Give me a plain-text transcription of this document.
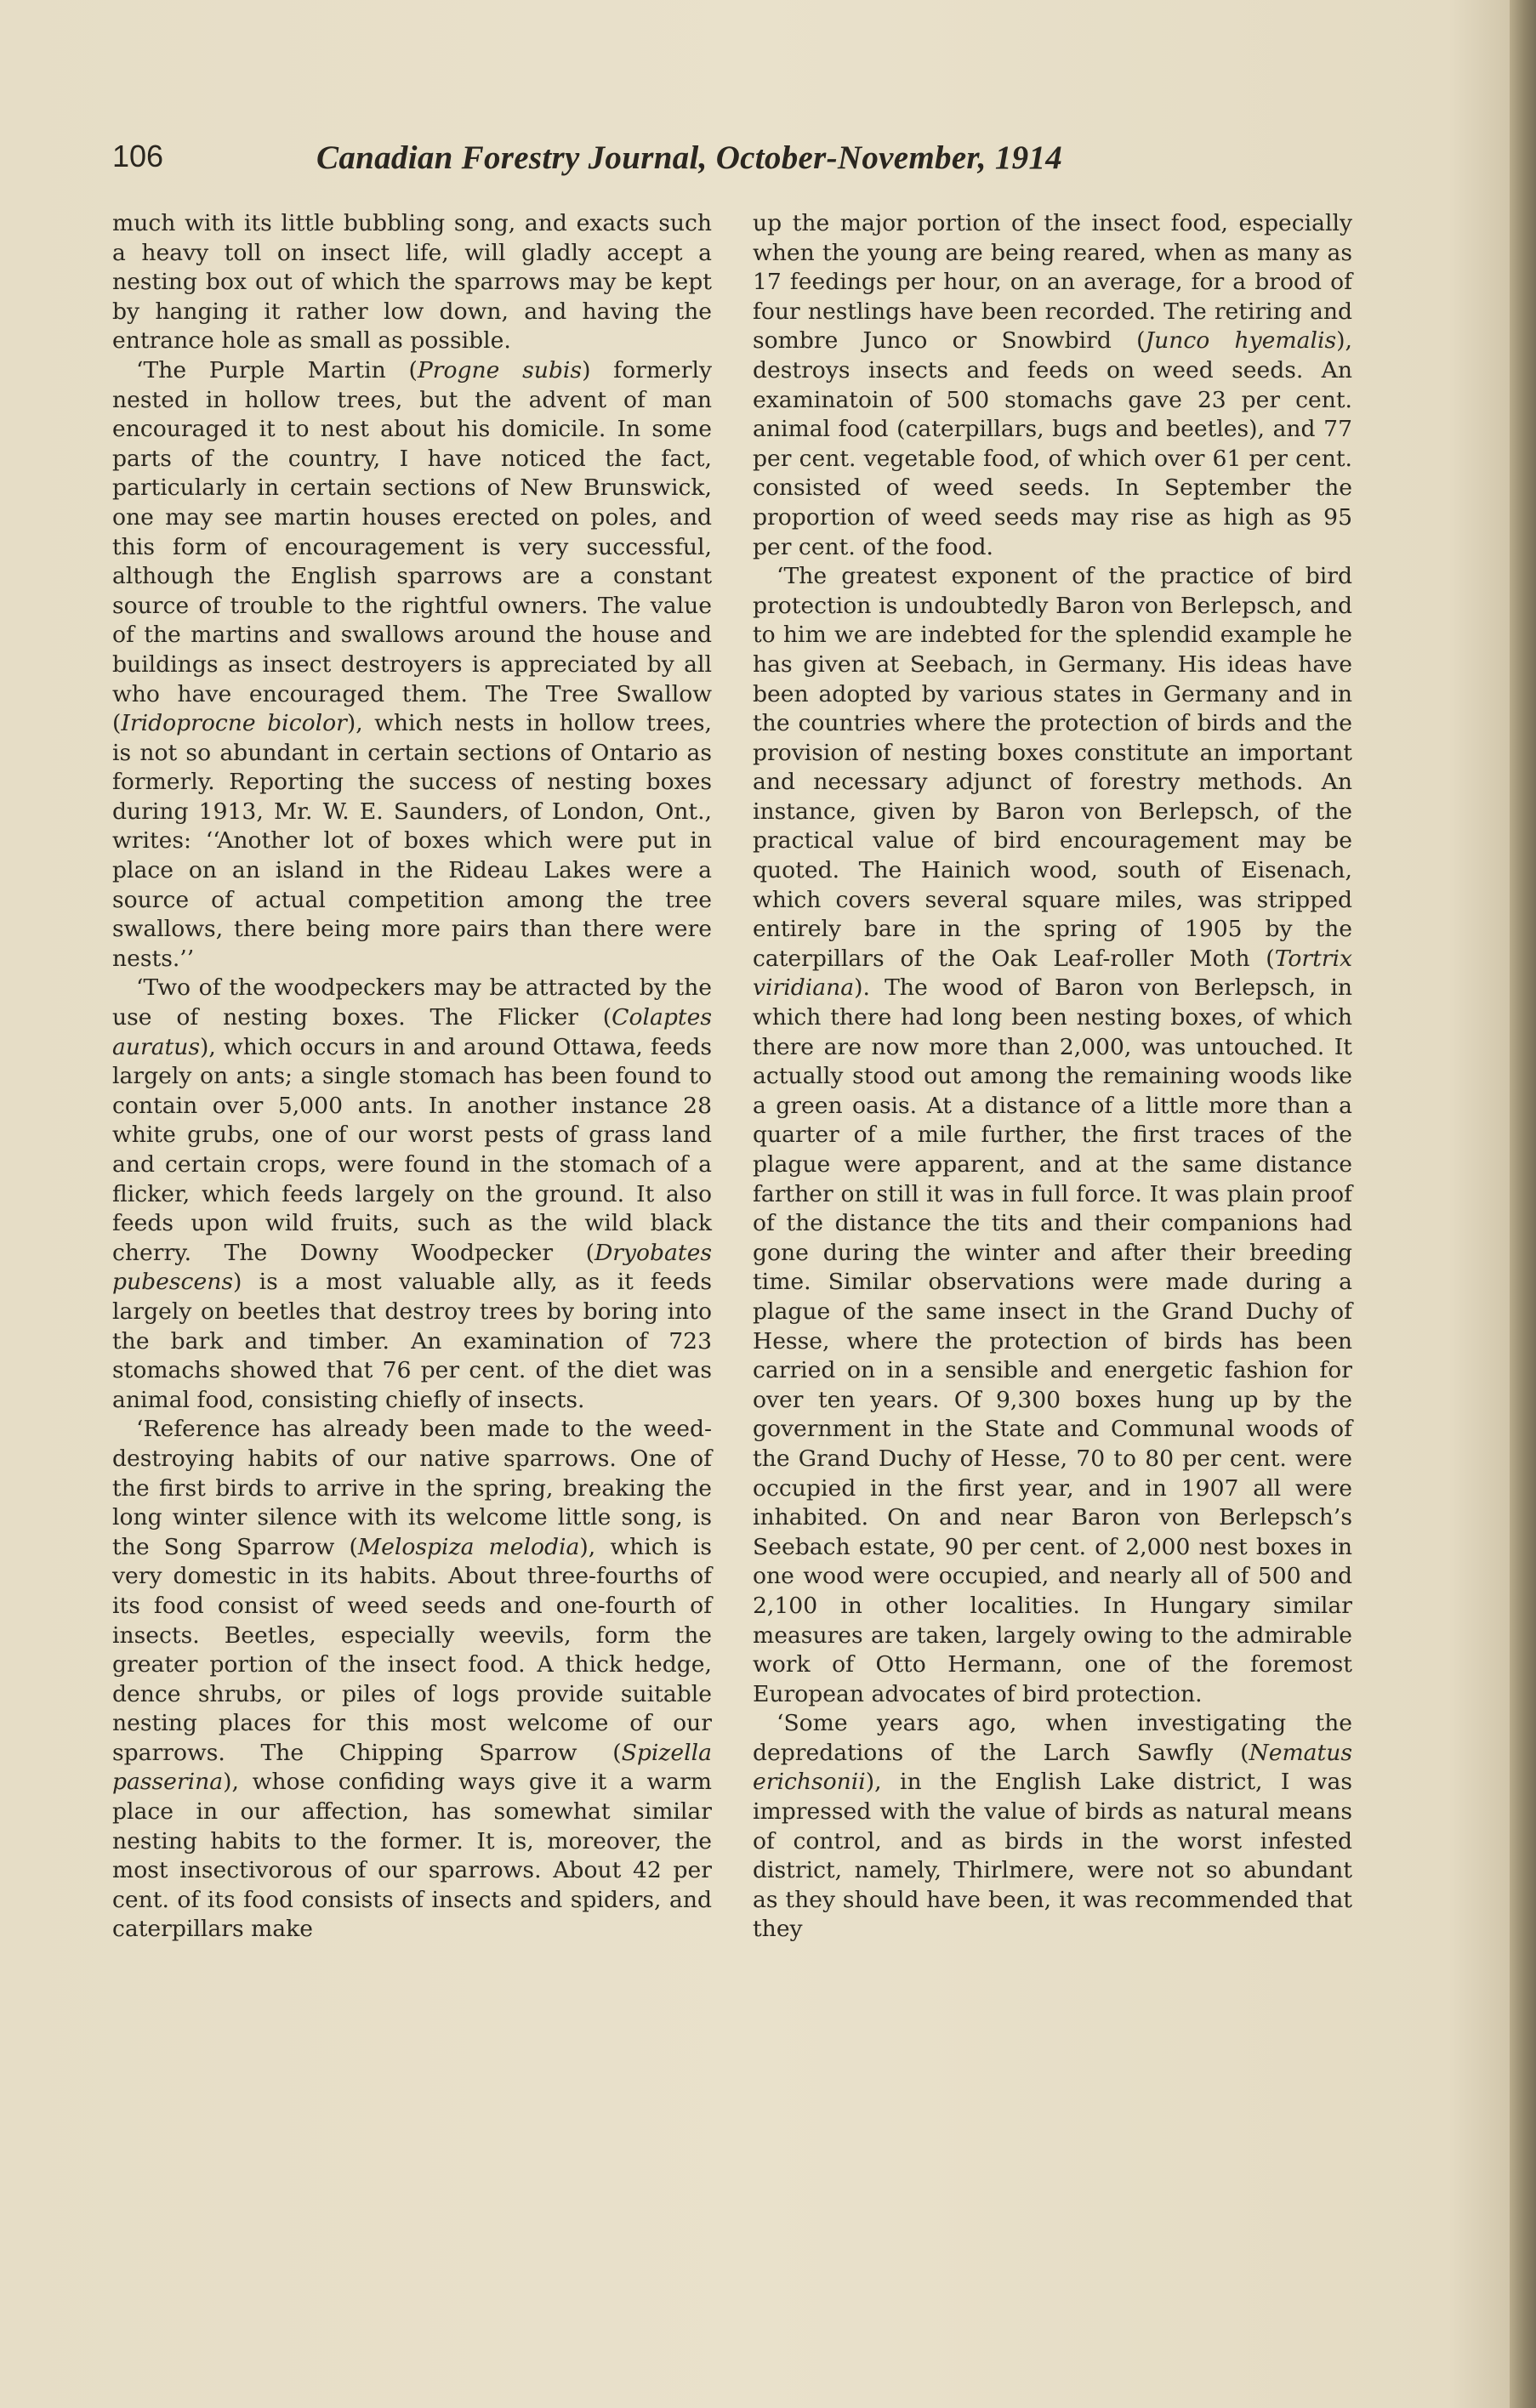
106	Canadian Forestry Journal, October-November, 1914

much with its little bubbling song, and exacts such a heavy toll on insect life, will gladly accept a nesting box out of which the sparrows may be kept by hanging it rather low down, and having the entrance hole as small as possible.

‘The Purple Martin (Progne subis) formerly nested in hollow trees, but the advent of man encouraged it to nest about his domicile. In some parts of the country, I have noticed the fact, particularly in certain sections of New Brunswick, one may see martin houses erected on poles, and this form of encouragement is very successful, although the English sparrows are a constant source of trouble to the rightful owners. The value of the martins and swallows around the house and buildings as insect destroyers is appreciated by all who have encouraged them. The Tree Swallow (Iridoprocne bicolor), which nests in hollow trees, is not so abundant in certain sections of Ontario as formerly. Reporting the success of nesting boxes during 1913, Mr. W. E. Saunders, of London, Ont., writes: ‘‘Another lot of boxes which were put in place on an island in the Rideau Lakes were a source of actual competition among the tree swallows, there being more pairs than there were nests.’’

‘Two of the woodpeckers may be attracted by the use of nesting boxes. The Flicker (Colaptes auratus), which occurs in and around Ottawa, feeds largely on ants; a single stomach has been found to contain over 5,000 ants. In another instance 28 white grubs, one of our worst pests of grass land and certain crops, were found in the stomach of a flicker, which feeds largely on the ground. It also feeds upon wild fruits, such as the wild black cherry. The Downy Woodpecker (Dryobates pubescens) is a most valuable ally, as it feeds largely on beetles that destroy trees by boring into the bark and timber. An examination of 723 stomachs showed that 76 per cent. of the diet was animal food, consisting chiefly of insects.

‘Reference has already been made to the weed-destroying habits of our native sparrows. One of the first birds to arrive in the spring, breaking the long winter silence with its welcome little song, is the Song Sparrow (Melospiza melodia), which is very domestic in its habits. About three-fourths of its food consist of weed seeds and one-fourth of insects. Beetles, especially weevils, form the greater portion of the insect food. A thick hedge, dence shrubs, or piles of logs provide suitable nesting places for this most welcome of our sparrows. The Chipping Sparrow (Spizella passerina), whose confiding ways give it a warm place in our affection, has somewhat similar nesting habits to the former. It is, moreover, the most insectivorous of our sparrows. About 42 per cent. of its food consists of insects and spiders, and caterpillars make

up the major portion of the insect food, especially when the young are being reared, when as many as 17 feedings per hour, on an average, for a brood of four nestlings have been recorded. The retiring and sombre Junco or Snowbird (Junco hyemalis), destroys insects and feeds on weed seeds. An examinatoin of 500 stomachs gave 23 per cent. animal food (caterpillars, bugs and beetles), and 77 per cent. vegetable food, of which over 61 per cent. consisted of weed seeds. In September the proportion of weed seeds may rise as high as 95 per cent. of the food.

‘The greatest exponent of the practice of bird protection is undoubtedly Baron von Berlepsch, and to him we are indebted for the splendid example he has given at Seebach, in Germany. His ideas have been adopted by various states in Germany and in the countries where the protection of birds and the provision of nesting boxes constitute an important and necessary adjunct of forestry methods. An instance, given by Baron von Berlepsch, of the practical value of bird encouragement may be quoted. The Hainich wood, south of Eisenach, which covers several square miles, was stripped entirely bare in the spring of 1905 by the caterpillars of the Oak Leaf-roller Moth (Tortrix viridiana). The wood of Baron von Berlepsch, in which there had long been nesting boxes, of which there are now more than 2,000, was untouched. It actually stood out among the remaining woods like a green oasis. At a distance of a little more than a quarter of a mile further, the first traces of the plague were apparent, and at the same distance farther on still it was in full force. It was plain proof of the distance the tits and their companions had gone during the winter and after their breeding time. Similar observations were made during a plague of the same insect in the Grand Duchy of Hesse, where the protection of birds has been carried on in a sensible and energetic fashion for over ten years. Of 9,300 boxes hung up by the government in the State and Communal woods of the Grand Duchy of Hesse, 70 to 80 per cent. were occupied in the first year, and in 1907 all were inhabited. On and near Baron von Berlepsch’s Seebach estate, 90 per cent. of 2,000 nest boxes in one wood were occupied, and nearly all of 500 and 2,100 in other localities. In Hungary similar measures are taken, largely owing to the admirable work of Otto Hermann, one of the foremost European advocates of bird protection.

‘Some years ago, when investigating the depredations of the Larch Sawfly (Nematus erichsonii), in the English Lake district, I was impressed with the value of birds as natural means of control, and as birds in the worst infested district, namely, Thirlmere, were not so abundant as they should have been, it was recommended that they
